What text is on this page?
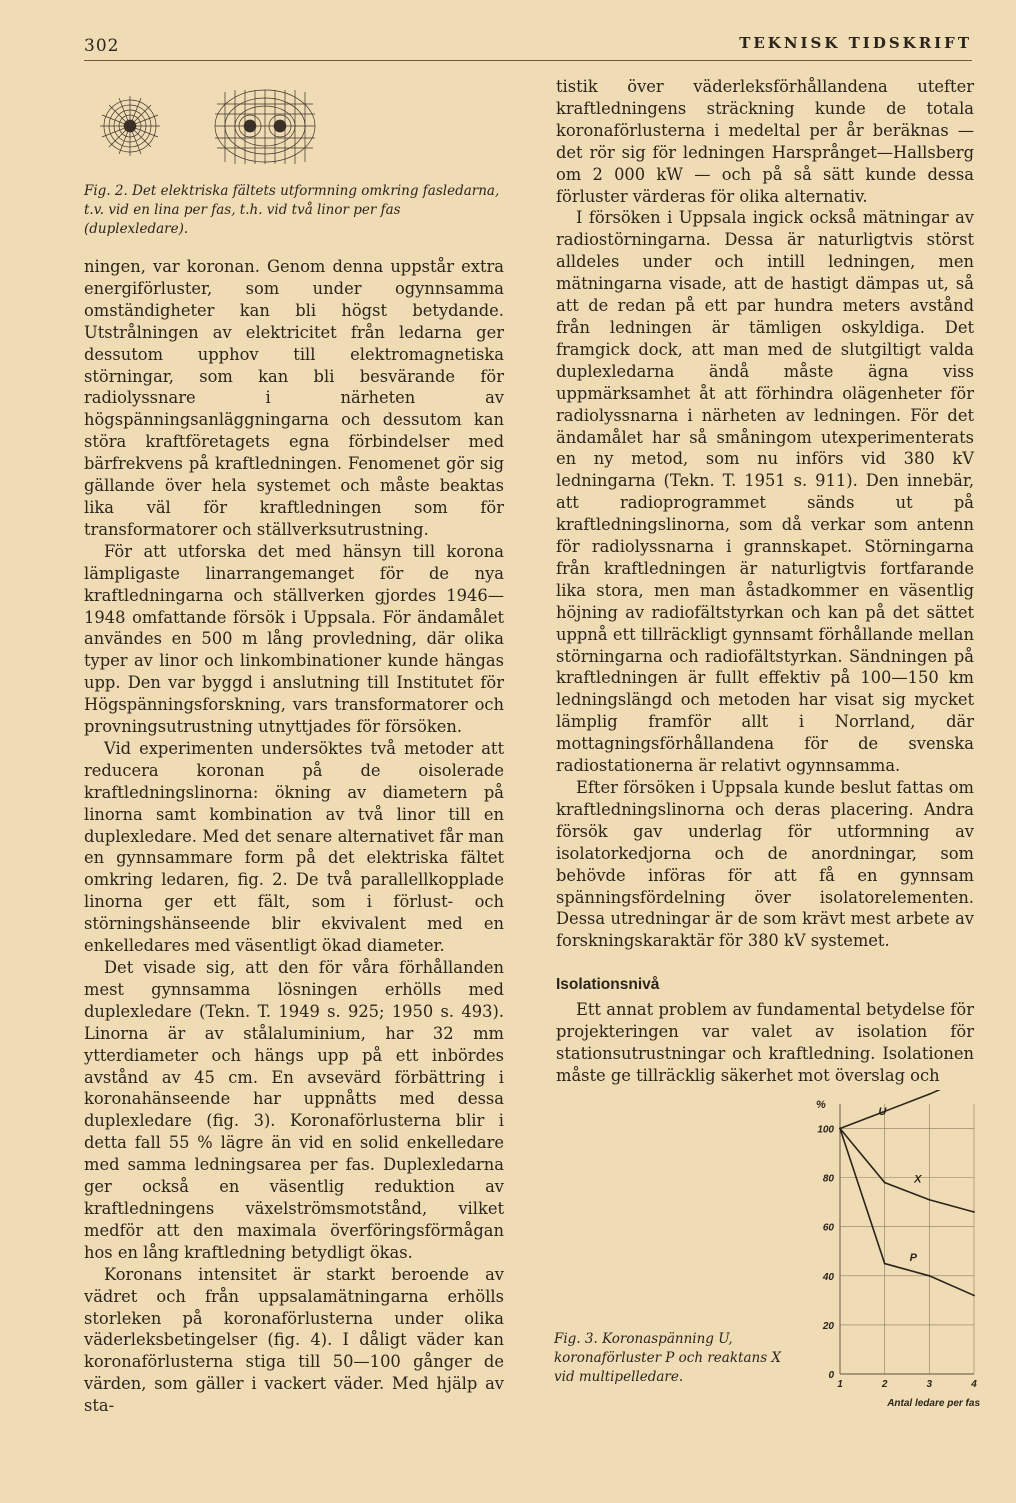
302	TEKNISK TIDSKRIFT
Fig. 2. Det elektriska fältets utformning omkring fasledarna, t.v. vid en lina per fas, t.h. vid två linor per fas (duplexledare).

ningen, var koronan. Genom denna uppstår extra energiförluster, som under ogynnsamma omständigheter kan bli högst betydande. Utstrålningen av elektricitet från ledarna ger dessutom upphov till elektromagnetiska störningar, som kan bli besvärande för radiolyssnare i närheten av högspänningsanläggningarna och dessutom kan störa kraftföretagets egna förbindelser med bärfrekvens på kraftledningen. Fenomenet gör sig gällande över hela systemet och måste beaktas lika väl för kraftledningen som för transformatorer och ställverksutrustning.

För att utforska det med hänsyn till korona lämpligaste linarrangemanget för de nya kraftledningarna och ställverken gjordes 1946—1948 omfattande försök i Uppsala. För ändamålet användes en 500 m lång provledning, där olika typer av linor och linkombinationer kunde hängas upp. Den var byggd i anslutning till Institutet för Högspänningsforskning, vars transformatorer och provningsutrustning utnyttjades för försöken.

Vid experimenten undersöktes två metoder att reducera koronan på de oisolerade kraftledningslinorna: ökning av diametern på linorna samt kombination av två linor till en duplexledare. Med det senare alternativet får man en gynnsammare form på det elektriska fältet omkring ledaren, fig. 2. De två parallellkopplade linorna ger ett fält, som i förlust- och störningshänseende blir ekvivalent med en enkelledares med väsentligt ökad diameter.

Det visade sig, att den för våra förhållanden mest gynnsamma lösningen erhölls med duplexledare (Tekn. T. 1949 s. 925; 1950 s. 493). Linorna är av stålaluminium, har 32 mm ytterdiameter och hängs upp på ett inbördes avstånd av 45 cm. En avsevärd förbättring i koronahänseende har uppnåtts med dessa duplexledare (fig. 3). Koronaförlusterna blir i detta fall 55 % lägre än vid en solid enkelledare med samma ledningsarea per fas. Duplexledarna ger också en väsentlig reduktion av kraftledningens växelströmsmotstånd, vilket medför att den maximala överföringsförmågan hos en lång kraftledning betydligt ökas.

Koronans intensitet är starkt beroende av vädret och från uppsalamätningarna erhölls storleken på koronaförlusterna under olika väderleksbetingelser (fig. 4). I dåligt väder kan koronaförlusterna stiga till 50—100 gånger de värden, som gäller i vackert väder. Med hjälp av sta-

tistik över väderleksförhållandena utefter kraftledningens sträckning kunde de totala koronaförlusterna i medeltal per år beräknas — det rör sig för ledningen Harsprånget—Hallsberg om 2 000 kW — och på så sätt kunde dessa förluster värderas för olika alternativ.

I försöken i Uppsala ingick också mätningar av radiostörningarna. Dessa är naturligtvis störst alldeles under och intill ledningen, men mätningarna visade, att de hastigt dämpas ut, så att de redan på ett par hundra meters avstånd från ledningen är tämligen oskyldiga. Det framgick dock, att man med de slutgiltigt valda duplexledarna ändå måste ägna viss uppmärksamhet åt att förhindra olägenheter för radiolyssnarna i närheten av ledningen. För det ändamålet har så småningom utexperimenterats en ny metod, som nu införs vid 380 kV ledningarna (Tekn. T. 1951 s. 911). Den innebär, att radioprogrammet sänds ut på kraftledningslinorna, som då verkar som antenn för radiolyssnarna i grannskapet. Störningarna från kraftledningen är naturligtvis fortfarande lika stora, men man åstadkommer en väsentlig höjning av radiofältstyrkan och kan på det sättet uppnå ett tillräckligt gynnsamt förhållande mellan störningarna och radiofältstyrkan. Sändningen på kraftledningen är fullt effektiv på 100—150 km ledningslängd och metoden har visat sig mycket lämplig framför allt i Norrland, där mottagningsförhållandena för de svenska radiostationerna är relativt ogynnsamma.

Efter försöken i Uppsala kunde beslut fattas om kraftledningslinorna och deras placering. Andra försök gav underlag för utformning av isolatorkedjorna och de anordningar, som behövde införas för att få en gynnsam spänningsfördelning över isolatorelementen. Dessa utredningar är de som krävt mest arbete av forskningskaraktär för 380 kV systemet.

Isolationsnivå

Ett annat problem av fundamental betydelse för projekteringen var valet av isolation för stationsutrustningar och kraftledning. Isolationen måste ge tillräcklig säkerhet mot överslag och

Fig. 3. Koronaspänning U, koronaförluster P och reaktans X vid multipelledare.
%
Antal ledare per fas
0
20
40
60
80
100
1	2	3	4
U
X
P
